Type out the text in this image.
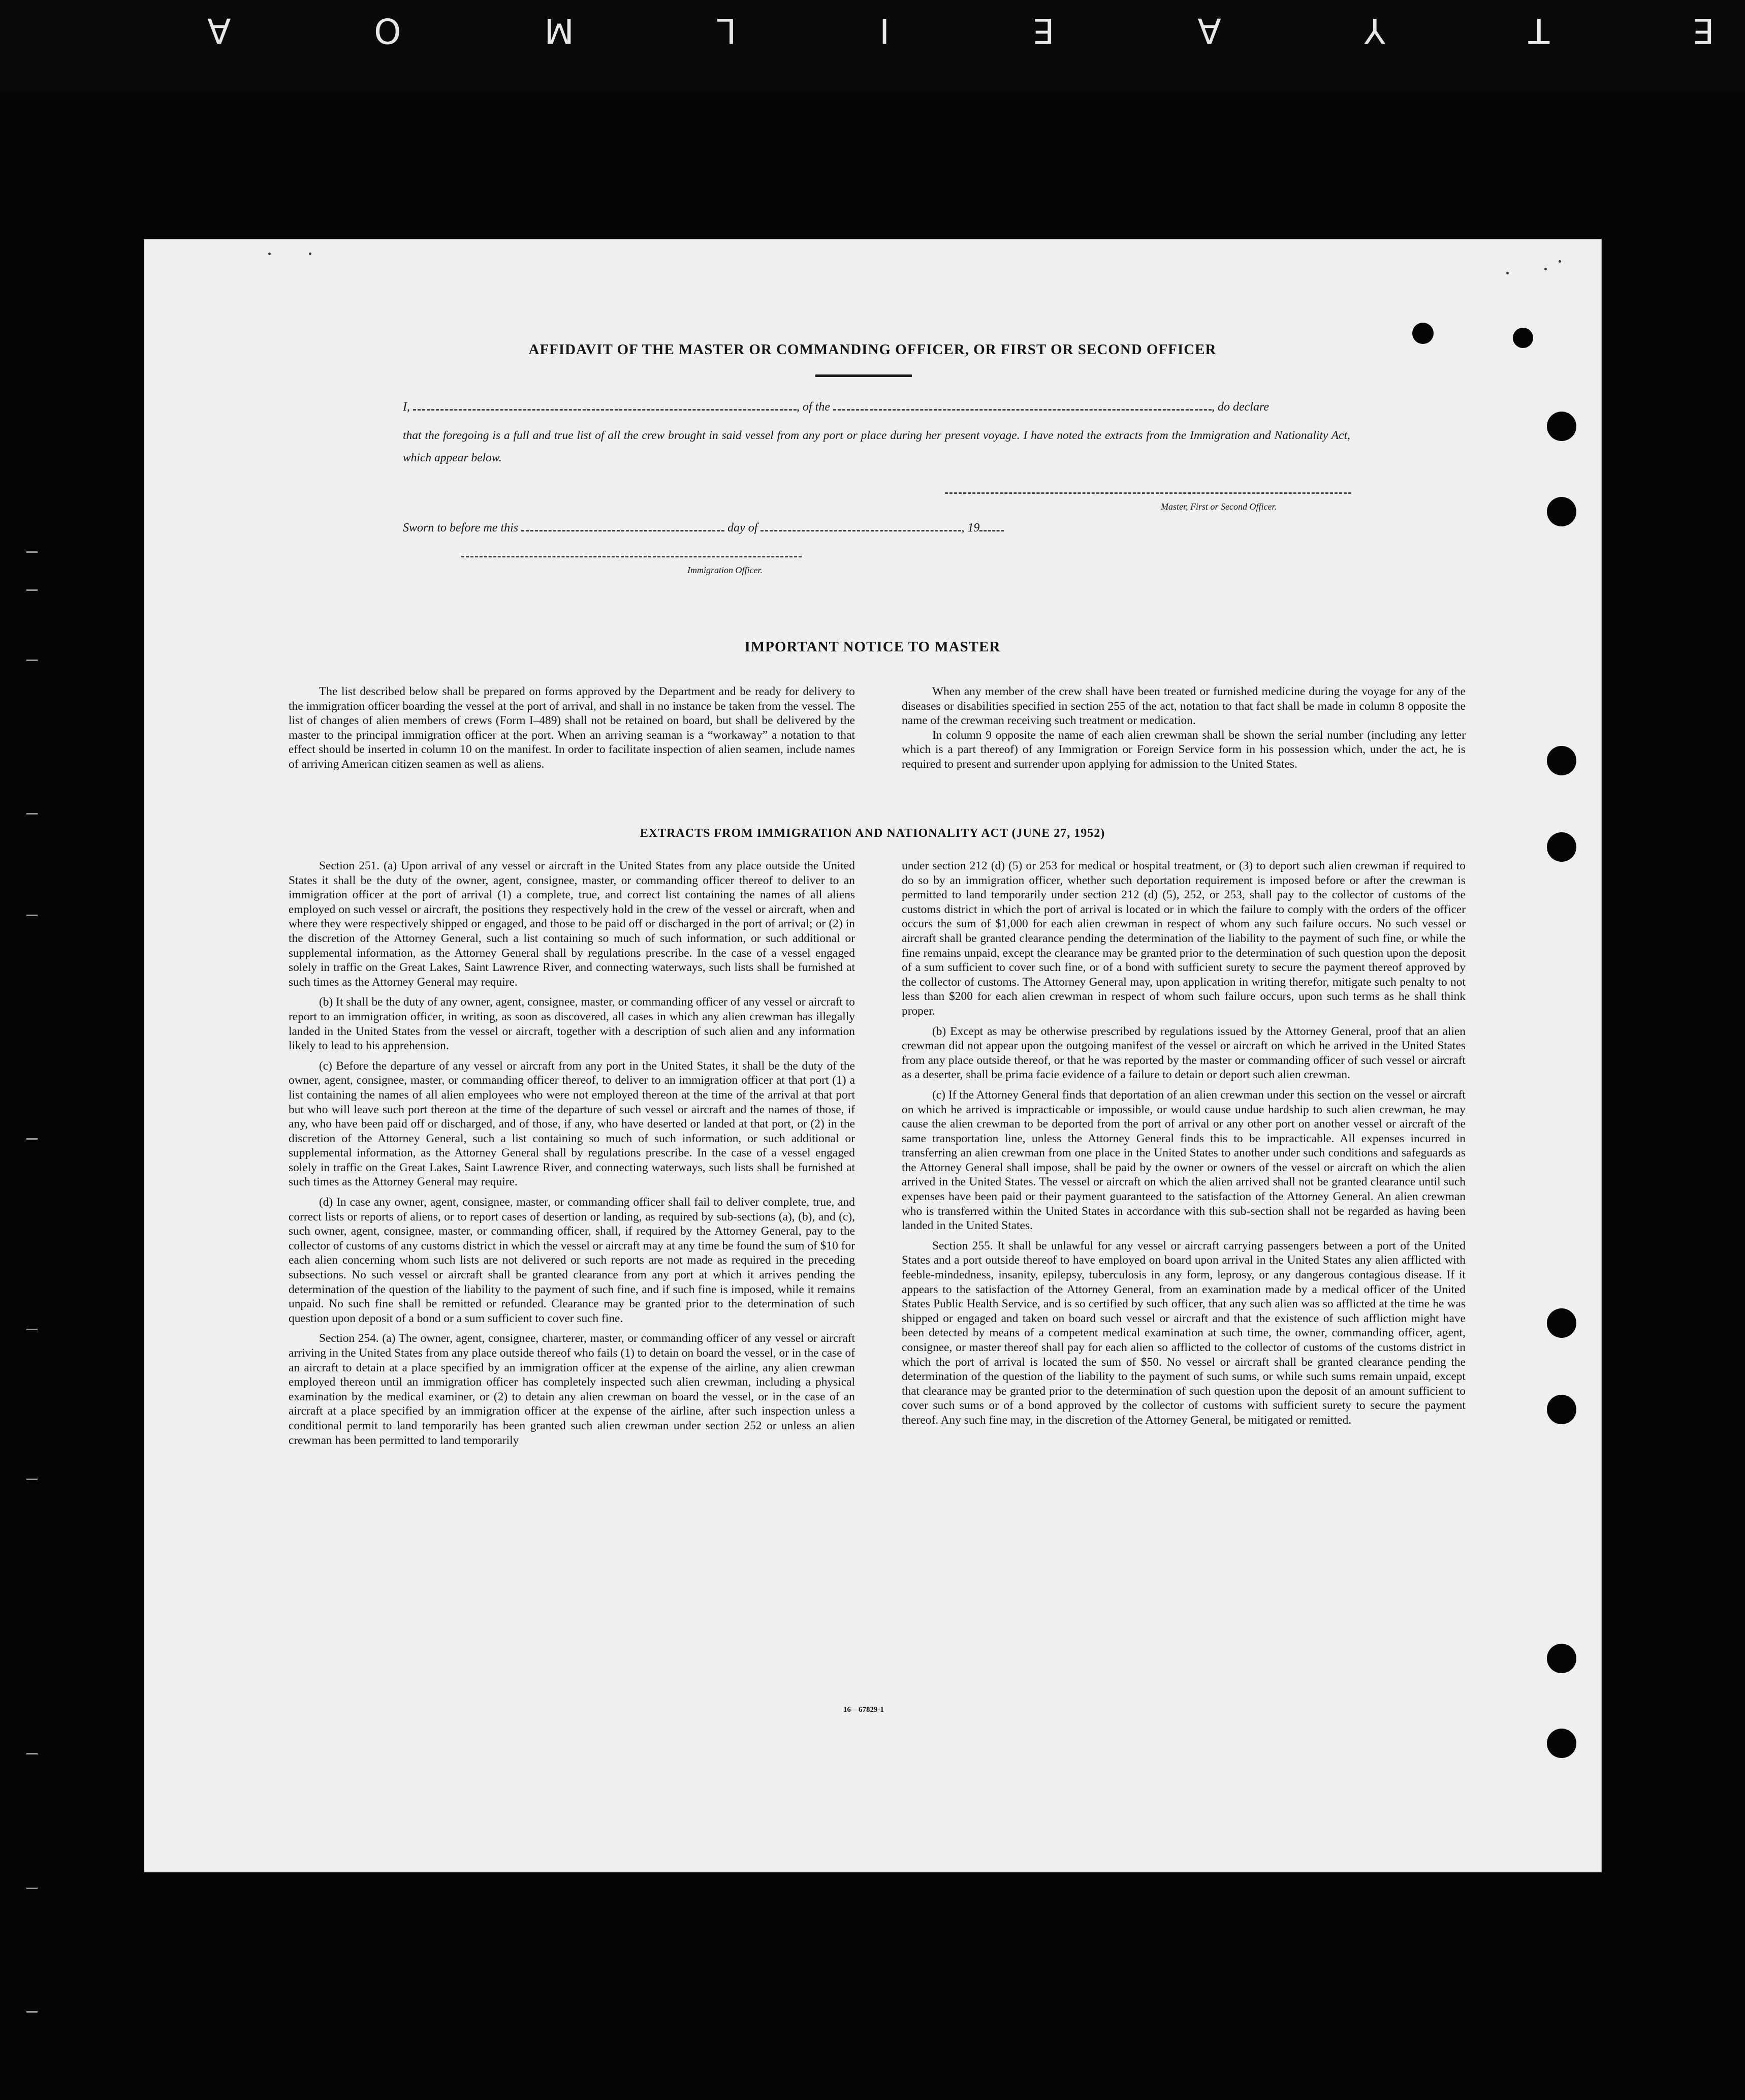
E T Y A E I L M O A
AFFIDAVIT OF THE MASTER OR COMMANDING OFFICER, OR FIRST OR SECOND OFFICER
I,	, of the	, do declare
that the foregoing is a full and true list of all the crew brought in said vessel from any port or place during her present voyage. I have noted the extracts from the Immigration and Nationality Act, which appear below.
Master, First or Second Officer.
Sworn to before me this	day of	, 19
Immigration Officer.
IMPORTANT NOTICE TO MASTER

The list described below shall be prepared on forms approved by the Department and be ready for delivery to the immigration officer boarding the vessel at the port of arrival, and shall in no instance be taken from the vessel. The list of changes of alien members of crews (Form I–489) shall not be retained on board, but shall be delivered by the master to the principal immigration officer at the port. When an arriving seaman is a “workaway” a notation to that effect should be inserted in column 10 on the manifest. In order to facilitate inspection of alien seamen, include names of arriving American citizen seamen as well as aliens.

When any member of the crew shall have been treated or furnished medicine during the voyage for any of the diseases or disabilities specified in section 255 of the act, notation to that fact shall be made in column 8 opposite the name of the crewman receiving such treatment or medication.

In column 9 opposite the name of each alien crewman shall be shown the serial number (including any letter which is a part thereof) of any Immigration or Foreign Service form in his possession which, under the act, he is required to present and surrender upon applying for admission to the United States.

EXTRACTS FROM IMMIGRATION AND NATIONALITY ACT (JUNE 27, 1952)

Section 251. (a) Upon arrival of any vessel or aircraft in the United States from any place outside the United States it shall be the duty of the owner, agent, consignee, master, or commanding officer thereof to deliver to an immigration officer at the port of arrival (1) a complete, true, and correct list containing the names of all aliens employed on such vessel or aircraft, the positions they respectively hold in the crew of the vessel or aircraft, when and where they were respectively shipped or engaged, and those to be paid off or discharged in the port of arrival; or (2) in the discretion of the Attorney General, such a list containing so much of such information, or such additional or supplemental information, as the Attorney General shall by regulations prescribe. In the case of a vessel engaged solely in traffic on the Great Lakes, Saint Lawrence River, and connecting waterways, such lists shall be furnished at such times as the Attorney General may require.

(b) It shall be the duty of any owner, agent, consignee, master, or commanding officer of any vessel or aircraft to report to an immigration officer, in writing, as soon as discovered, all cases in which any alien crewman has illegally landed in the United States from the vessel or aircraft, together with a description of such alien and any information likely to lead to his apprehension.

(c) Before the departure of any vessel or aircraft from any port in the United States, it shall be the duty of the owner, agent, consignee, master, or commanding officer thereof, to deliver to an immigration officer at that port (1) a list containing the names of all alien employees who were not employed thereon at the time of the arrival at that port but who will leave such port thereon at the time of the departure of such vessel or aircraft and the names of those, if any, who have been paid off or discharged, and of those, if any, who have deserted or landed at that port, or (2) in the discretion of the Attorney General, such a list containing so much of such information, or such additional or supplemental information, as the Attorney General shall by regulations prescribe. In the case of a vessel engaged solely in traffic on the Great Lakes, Saint Lawrence River, and connecting waterways, such lists shall be furnished at such times as the Attorney General may require.

(d) In case any owner, agent, consignee, master, or commanding officer shall fail to deliver complete, true, and correct lists or reports of aliens, or to report cases of desertion or landing, as required by sub-sections (a), (b), and (c), such owner, agent, consignee, master, or commanding officer, shall, if required by the Attorney General, pay to the collector of customs of any customs district in which the vessel or aircraft may at any time be found the sum of $10 for each alien concerning whom such lists are not delivered or such reports are not made as required in the preceding subsections. No such vessel or aircraft shall be granted clearance from any port at which it arrives pending the determination of the question of the liability to the payment of such fine, and if such fine is imposed, while it remains unpaid. No such fine shall be remitted or refunded. Clearance may be granted prior to the determination of such question upon deposit of a bond or a sum sufficient to cover such fine.

Section 254. (a) The owner, agent, consignee, charterer, master, or commanding officer of any vessel or aircraft arriving in the United States from any place outside thereof who fails (1) to detain on board the vessel, or in the case of an aircraft to detain at a place specified by an immigration officer at the expense of the airline, any alien crewman employed thereon until an immigration officer has completely inspected such alien crewman, including a physical examination by the medical examiner, or (2) to detain any alien crewman on board the vessel, or in the case of an aircraft at a place specified by an immigration officer at the expense of the airline, after such inspection unless a conditional permit to land temporarily has been granted such alien crewman under section 252 or unless an alien crewman has been permitted to land temporarily

under section 212 (d) (5) or 253 for medical or hospital treatment, or (3) to deport such alien crewman if required to do so by an immigration officer, whether such deportation requirement is imposed before or after the crewman is permitted to land temporarily under section 212 (d) (5), 252, or 253, shall pay to the collector of customs of the customs district in which the port of arrival is located or in which the failure to comply with the orders of the officer occurs the sum of $1,000 for each alien crewman in respect of whom any such failure occurs. No such vessel or aircraft shall be granted clearance pending the determination of the liability to the payment of such fine, or while the fine remains unpaid, except the clearance may be granted prior to the determination of such question upon the deposit of a sum sufficient to cover such fine, or of a bond with sufficient surety to secure the payment thereof approved by the collector of customs. The Attorney General may, upon application in writing therefor, mitigate such penalty to not less than $200 for each alien crewman in respect of whom such failure occurs, upon such terms as he shall think proper.

(b) Except as may be otherwise prescribed by regulations issued by the Attorney General, proof that an alien crewman did not appear upon the outgoing manifest of the vessel or aircraft on which he arrived in the United States from any place outside thereof, or that he was reported by the master or commanding officer of such vessel or aircraft as a deserter, shall be prima facie evidence of a failure to detain or deport such alien crewman.

(c) If the Attorney General finds that deportation of an alien crewman under this section on the vessel or aircraft on which he arrived is impracticable or impossible, or would cause undue hardship to such alien crewman, he may cause the alien crewman to be deported from the port of arrival or any other port on another vessel or aircraft of the same transportation line, unless the Attorney General finds this to be impracticable. All expenses incurred in transferring an alien crewman from one place in the United States to another under such conditions and safeguards as the Attorney General shall impose, shall be paid by the owner or owners of the vessel or aircraft on which the alien arrived in the United States. The vessel or aircraft on which the alien arrived shall not be granted clearance until such expenses have been paid or their payment guaranteed to the satisfaction of the Attorney General. An alien crewman who is transferred within the United States in accordance with this sub-section shall not be regarded as having been landed in the United States.

Section 255. It shall be unlawful for any vessel or aircraft carrying passengers between a port of the United States and a port outside thereof to have employed on board upon arrival in the United States any alien afflicted with feeble-mindedness, insanity, epilepsy, tuberculosis in any form, leprosy, or any dangerous contagious disease. If it appears to the satisfaction of the Attorney General, from an examination made by a medical officer of the United States Public Health Service, and is so certified by such officer, that any such alien was so afflicted at the time he was shipped or engaged and taken on board such vessel or aircraft and that the existence of such affliction might have been detected by means of a competent medical examination at such time, the owner, commanding officer, agent, consignee, or master thereof shall pay for each alien so afflicted to the collector of customs of the customs district in which the port of arrival is located the sum of $50. No vessel or aircraft shall be granted clearance pending the determination of the question of the liability to the payment of such sums, or while such sums remain unpaid, except that clearance may be granted prior to the determination of such question upon the deposit of an amount sufficient to cover such sums or of a bond approved by the collector of customs with sufficient surety to secure the payment thereof. Any such fine may, in the discretion of the Attorney General, be mitigated or remitted.

16—67829-1
